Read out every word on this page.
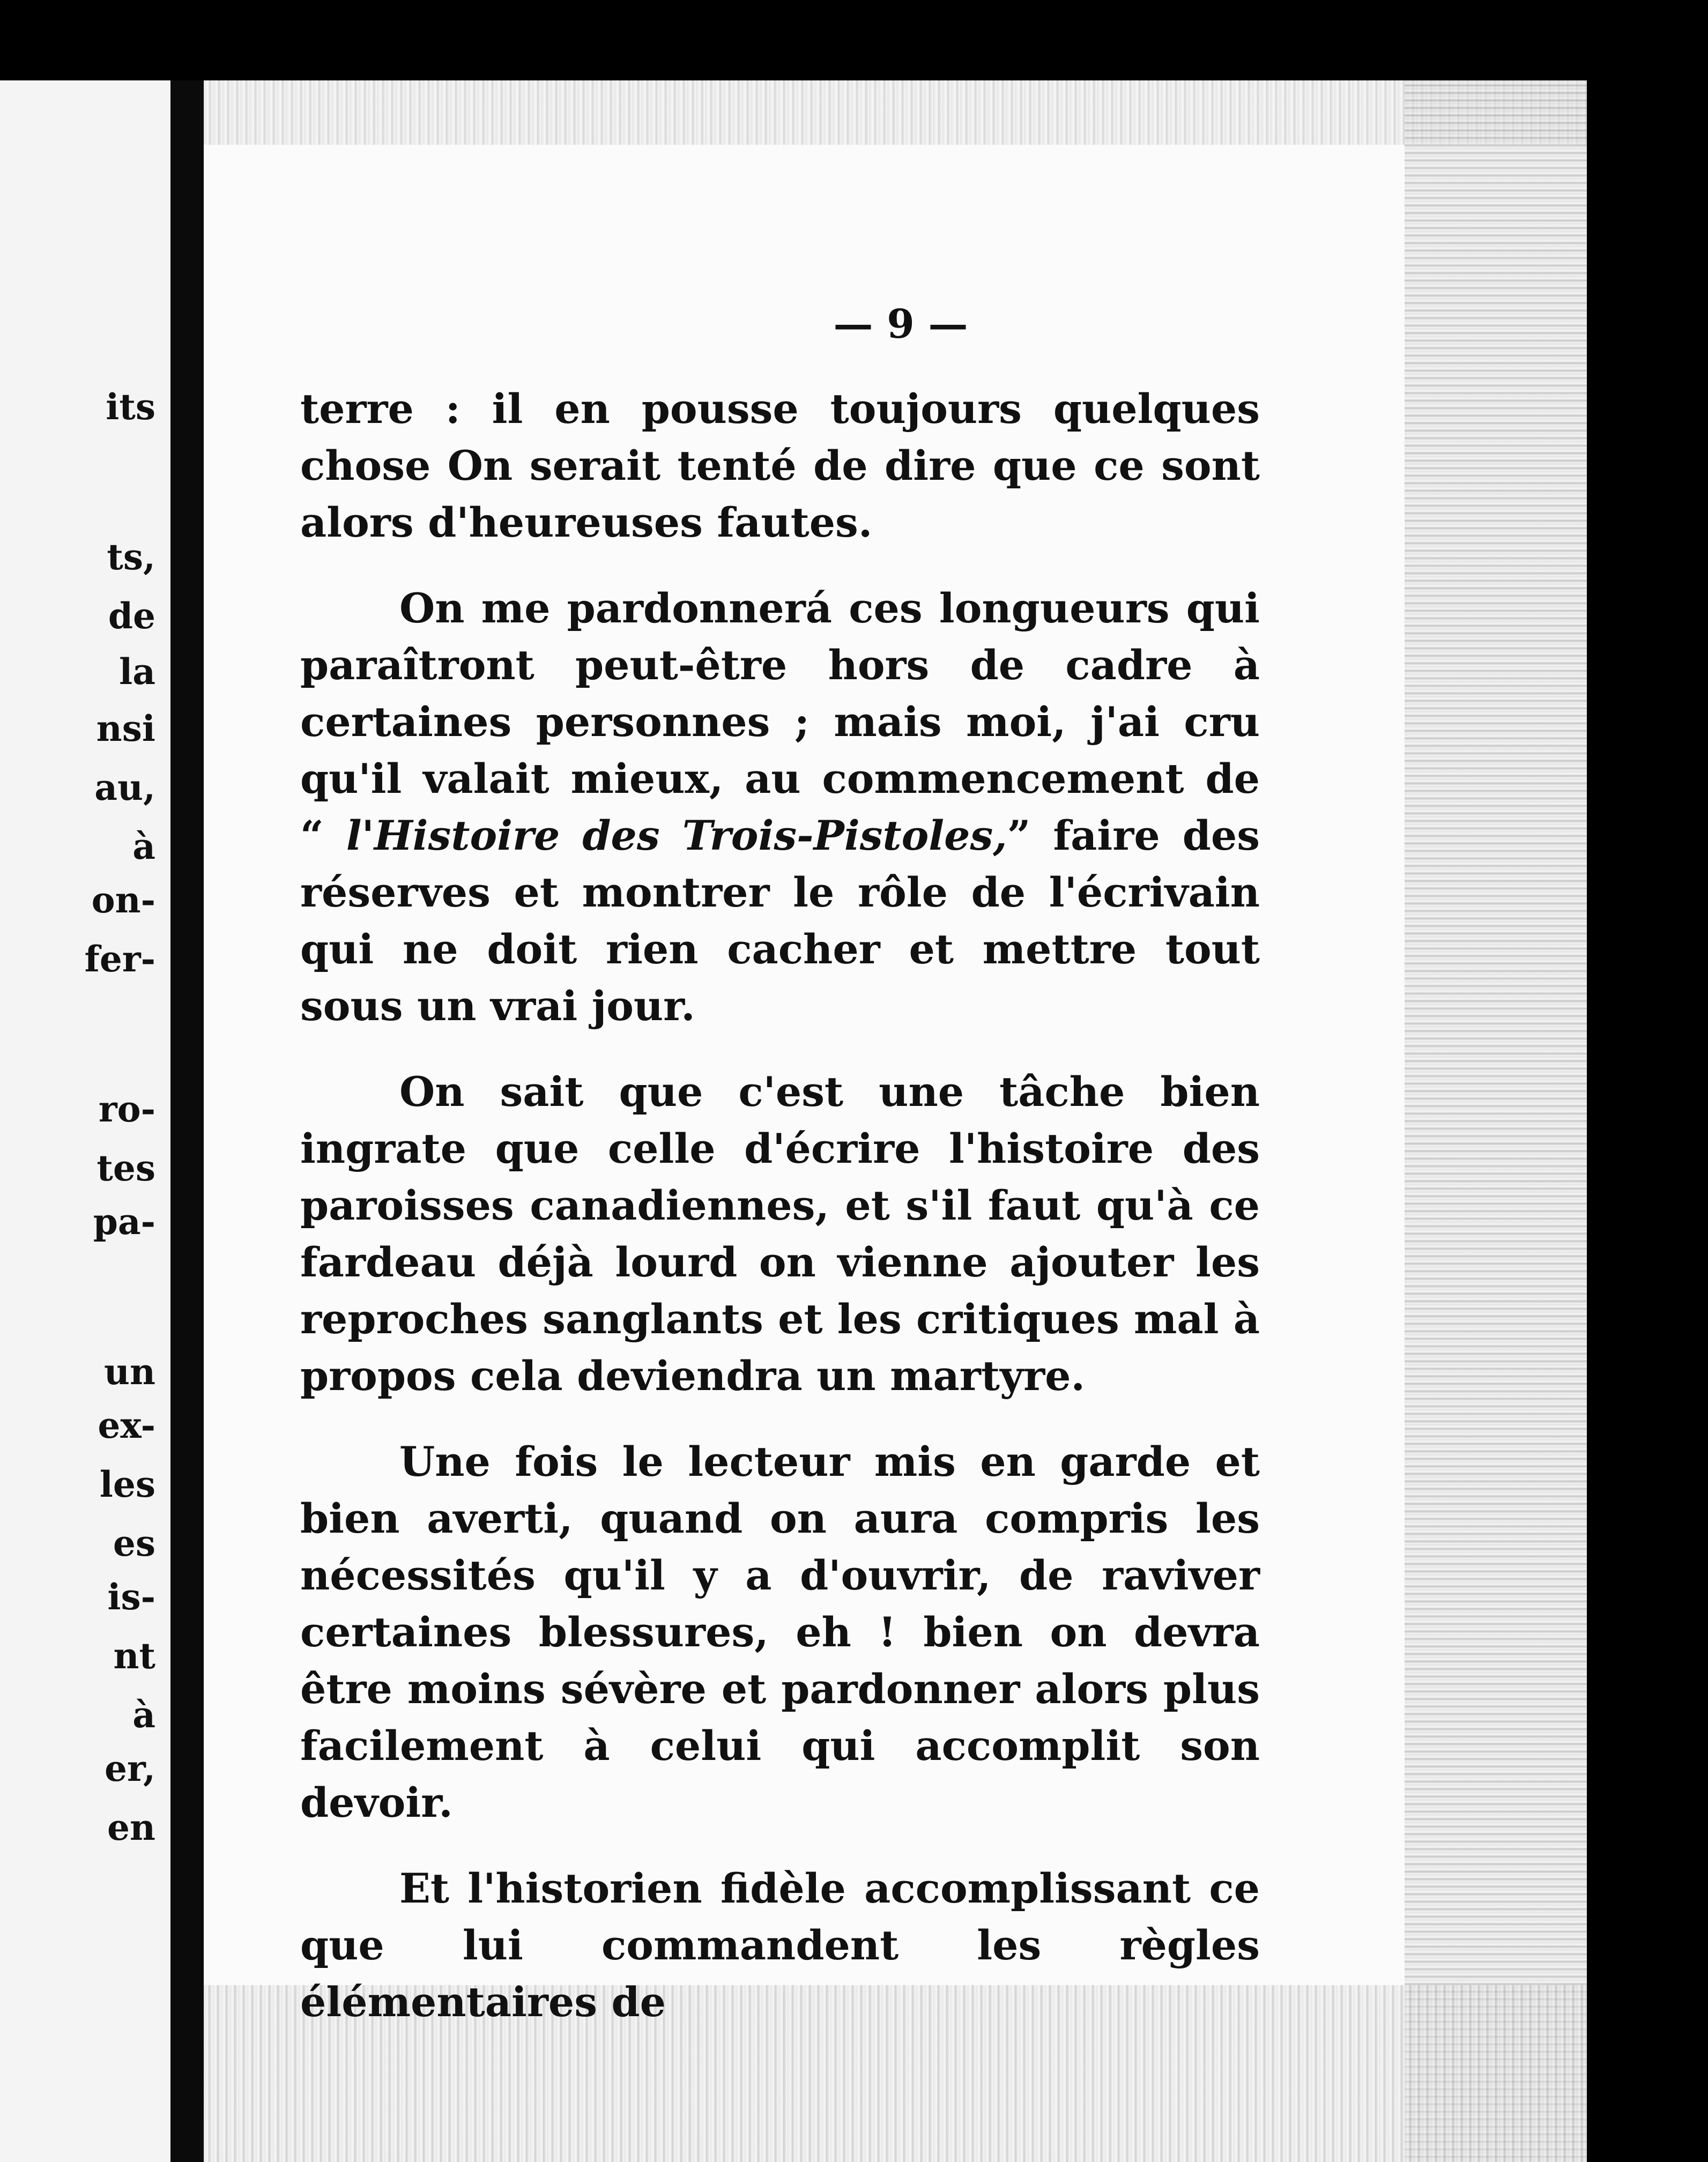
its
ts,
de
la
nsi
au,
à
on-
fer-
ro-
tes
pa-
un
ex-
les
es
is-
nt
à
er,
en
— 9 —

terre : il en pousse toujours quelques chose On serait tenté de dire que ce sont alors d'heureuses fautes.

On me pardonnerá ces longueurs qui paraîtront peut-être hors de cadre à certaines personnes ; mais moi, j'ai cru qu'il valait mieux, au commencement de “ l'Histoire des Trois-Pistoles,” faire des réserves et montrer le rôle de l'écrivain qui ne doit rien cacher et mettre tout sous un vrai jour.

On sait que c'est une tâche bien ingrate que celle d'écrire l'histoire des paroisses canadiennes, et s'il faut qu'à ce fardeau déjà lourd on vienne ajouter les reproches sanglants et les critiques mal à propos cela deviendra un martyre.

Une fois le lecteur mis en garde et bien averti, quand on aura compris les nécessités qu'il y a d'ouvrir, de raviver certaines blessures, eh ! bien on devra être moins sévère et pardonner alors plus facilement à celui qui accomplit son devoir.

Et l'historien fidèle accomplissant ce que lui commandent les règles élémentaires de
